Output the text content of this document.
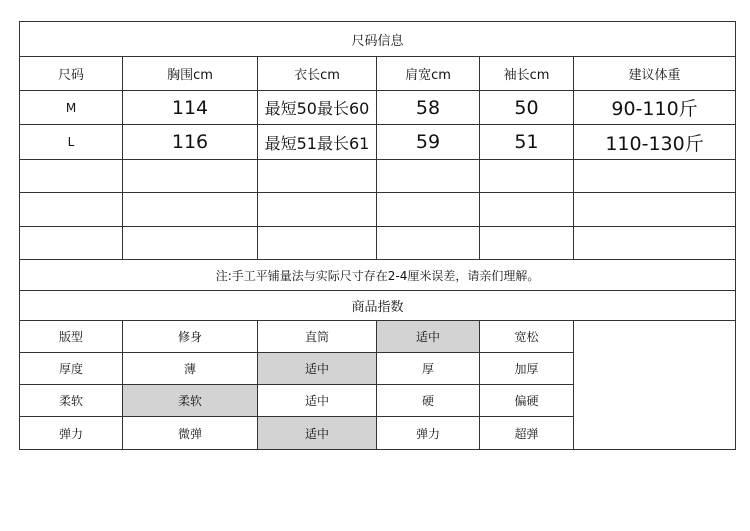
尺码信息					
尺码	胸围cm	衣长cm	肩宽cm	袖长cm	建议体重
M	114	最短50最长60	58	50	90-110斤
L	116	最短51最长61	59	51	110-130斤

注:手工平铺量法与实际尺寸存在2-4厘米误差，请亲们理解。					
商品指数					
版型	修身	直筒	适中	宽松	
厚度	薄	适中	厚	加厚	
柔软	柔软	适中	硬	偏硬	
弹力	微弹	适中	弹力	超弹	
